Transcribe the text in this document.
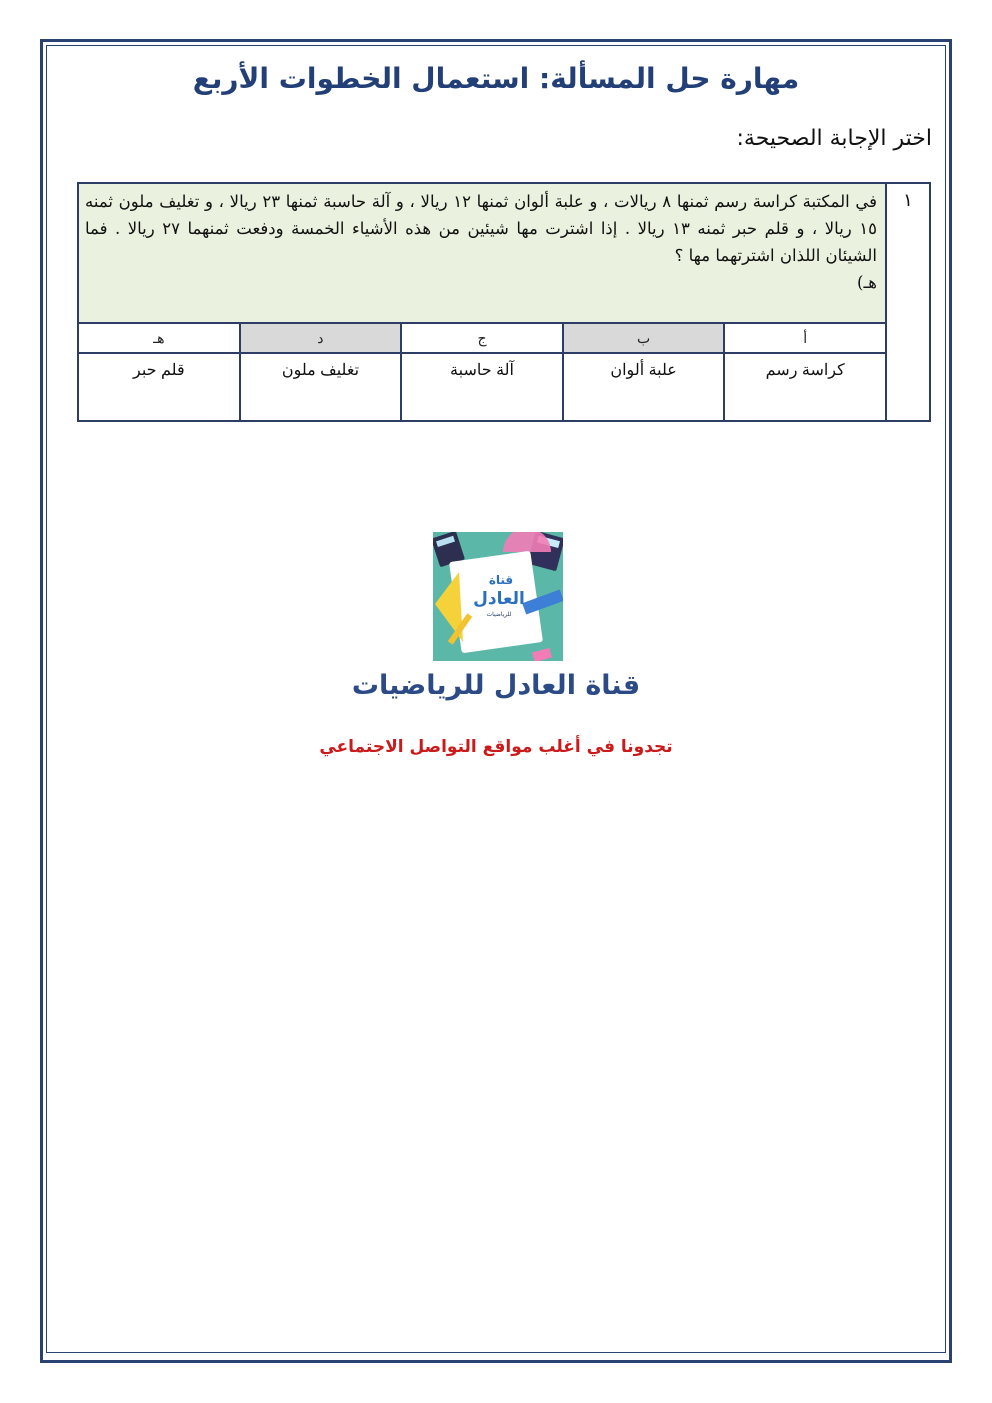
مهارة حل المسألة: استعمال الخطوات الأربع
اختر الإجابة الصحيحة:
١	في المكتبة كراسة رسم ثمنها ٨ ريالات ، و علبة ألوان ثمنها ١٢ ريالا ، و آلة حاسبة ثمنها ٢٣ ريالا ، و تغليف ملون ثمنه ١٥ ريالا ، و قلم حبر ثمنه ١٣ ريالا . إذا اشترت مها شيئين من هذه الأشياء الخمسة ودفعت ثمنهما ٢٧ ريالا . فما الشيئان اللذان اشترتهما مها ؟
هـ)				
	أ	ب	ج	د	هـ
	كراسة رسم	علبة ألوان	آلة حاسبة	تغليف ملون	قلم حبر
قناة
العادل
للرياضيات
قناة العادل للرياضيات
تجدونا في أغلب مواقع التواصل الاجتماعي
